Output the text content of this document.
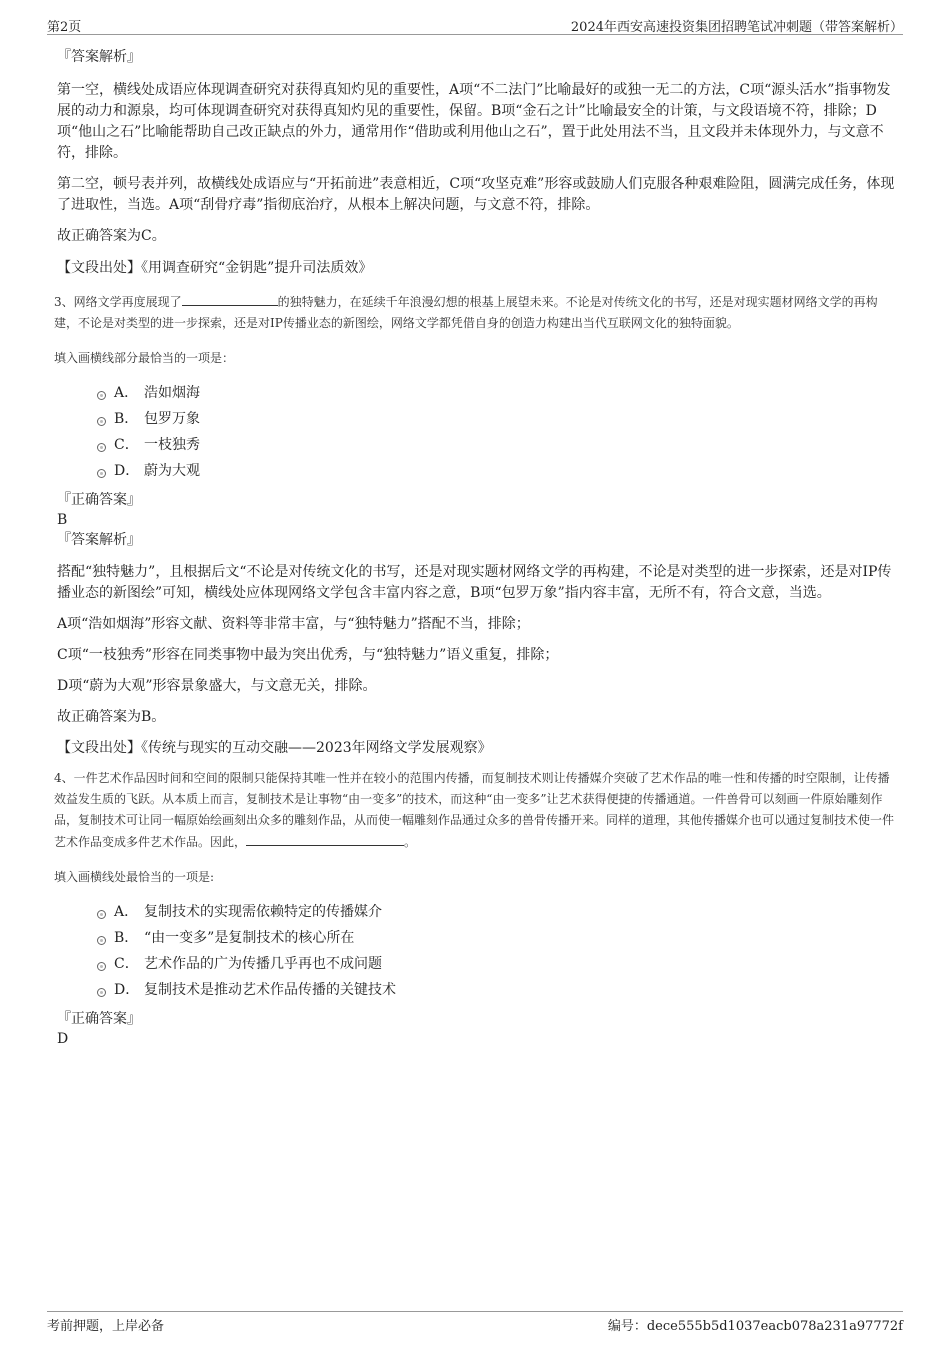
第2页	2024年西安高速投资集团招聘笔试冲刺题（带答案解析）

『答案解析』

第一空，横线处成语应体现调查研究对获得真知灼见的重要性，A项“不二法门”比喻最好的或独一无二的方法，C项“源头活水”指事物发展的动力和源泉，均可体现调查研究对获得真知灼见的重要性，保留。B项“金石之计”比喻最安全的计策，与文段语境不符，排除；D项“他山之石”比喻能帮助自己改正缺点的外力，通常用作“借助或利用他山之石”，置于此处用法不当，且文段并未体现外力，与文意不符，排除。

第二空，顿号表并列，故横线处成语应与“开拓前进”表意相近，C项“攻坚克难”形容或鼓励人们克服各种艰难险阻，圆满完成任务，体现了进取性，当选。A项“刮骨疗毒”指彻底治疗，从根本上解决问题，与文意不符，排除。

故正确答案为C。

【文段出处】《用调查研究“金钥匙”提升司法质效》

3、网络文学再度展现了	的独特魅力，在延续千年浪漫幻想的根基上展望未来。不论是对传统文化的书写，还是对现实题材网络文学的再构建，不论是对类型的进一步探索，还是对IP传播业态的新图绘，网络文学都凭借自身的创造力构建出当代互联网文化的独特面貌。

填入画横线部分最恰当的一项是：

A． 浩如烟海
B． 包罗万象
C． 一枝独秀
D． 蔚为大观

『正确答案』

B

『答案解析』

搭配“独特魅力”，且根据后文“不论是对传统文化的书写，还是对现实题材网络文学的再构建，不论是对类型的进一步探索，还是对IP传播业态的新图绘”可知，横线处应体现网络文学包含丰富内容之意，B项“包罗万象”指内容丰富，无所不有，符合文意，当选。

A项“浩如烟海”形容文献、资料等非常丰富，与“独特魅力”搭配不当，排除；

C项“一枝独秀”形容在同类事物中最为突出优秀，与“独特魅力”语义重复，排除；

D项“蔚为大观”形容景象盛大，与文意无关，排除。

故正确答案为B。

【文段出处】《传统与现实的互动交融——2023年网络文学发展观察》

4、一件艺术作品因时间和空间的限制只能保持其唯一性并在较小的范围内传播，而复制技术则让传播媒介突破了艺术作品的唯一性和传播的时空限制，让传播效益发生质的飞跃。从本质上而言，复制技术是让事物“由一变多”的技术，而这种“由一变多”让艺术获得便捷的传播通道。一件兽骨可以刻画一件原始雕刻作品，复制技术可让同一幅原始绘画刻出众多的雕刻作品，从而使一幅雕刻作品通过众多的兽骨传播开来。同样的道理，其他传播媒介也可以通过复制技术使一件艺术作品变成多件艺术作品。因此，	。

填入画横线处最恰当的一项是:

A． 复制技术的实现需依赖特定的传播媒介
B． “由一变多”是复制技术的核心所在
C． 艺术作品的广为传播几乎再也不成问题
D． 复制技术是推动艺术作品传播的关键技术

『正确答案』

D

考前押题，上岸必备	编号：dece555b5d1037eacb078a231a97772f
